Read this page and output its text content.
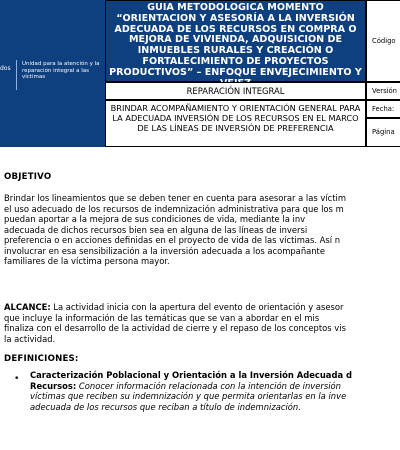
dos
Unidad para la atención y la reparación integral a las víctimas
GUIA METODOLOGICA MOMENTO “ORIENTACION Y ASESORÍA A LA INVERSIÓN ADECUADA DE LOS RECURSOS EN COMPRA O MEJORA DE VIVIENDA, ADQUISICION DE INMUEBLES RURALES Y CREACIÓN O FORTALECIMIENTO DE PROYECTOS PRODUCTIVOS” – ENFOQUE ENVEJECIMIENTO Y VEJEZ
REPARACIÓN INTEGRAL
BRINDAR ACOMPAÑAMIENTO Y ORIENTACIÓN GENERAL PARA LA ADECUADA INVERSIÓN DE LOS RECURSOS EN EL MARCO DE LAS LÍNEAS DE INVERSIÓN DE PREFERENCIA
Código
Versión
Fecha:
Página
OBJETIVO
Brindar los lineamientos que se deben tener en cuenta para asesorar a las víctim
el uso adecuado de los recursos de indemnización administrativa para que los m
puedan aportar a la mejora de sus condiciones de vida, mediante la inv
adecuada de dichos recursos bien sea en alguna de las líneas de inversi
preferencia o en acciones definidas en el proyecto de vida de las víctimas. Así n
involucrar en esa sensibilización a la inversión adecuada a los acompañante
familiares de la víctima persona mayor.
ALCANCE: La actividad inicia con la apertura del evento de orientación y asesor
que incluye la información de las temáticas que se van a abordar en el mis
finaliza con el desarrollo de la actividad de cierre y el repaso de los conceptos vis
la actividad.
DEFINICIONES:
• Caracterización Poblacional y Orientación a la Inversión Adecuada d
Recursos: Conocer información relacionada con la intención de inversión
víctimas que reciben su indemnización y que permita orientarlas en la inve
adecuada de los recursos que reciban a título de indemnización.
